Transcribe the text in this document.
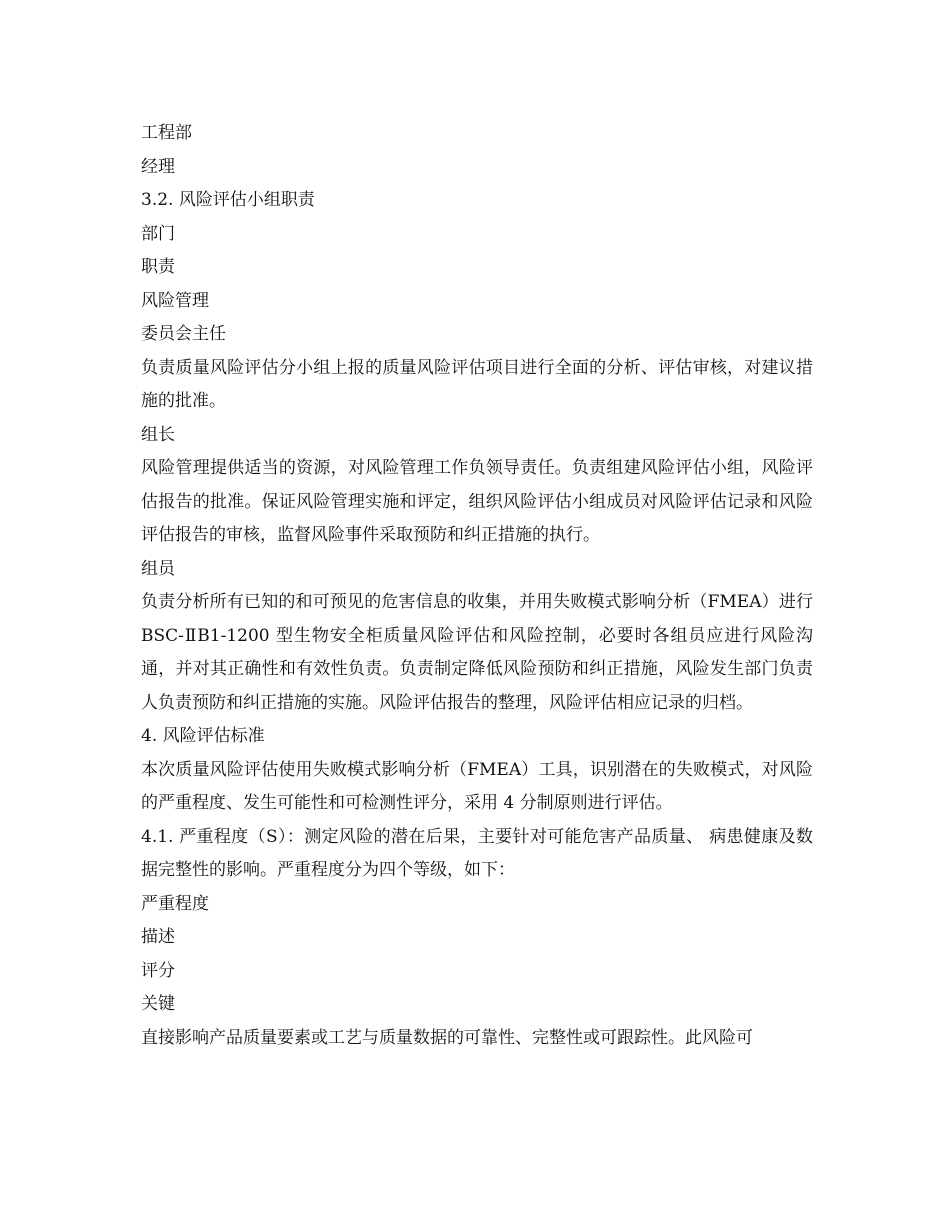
工程部

经理

3.2. 风险评估小组职责

部门

职责

风险管理

委员会主任

负责质量风险评估分小组上报的质量风险评估项目进行全面的分析、评估审核，对建议措施的批准。

组长

风险管理提供适当的资源，对风险管理工作负领导责任。负责组建风险评估小组，风险评估报告的批准。保证风险管理实施和评定，组织风险评估小组成员对风险评估记录和风险评估报告的审核，监督风险事件采取预防和纠正措施的执行。

组员

负责分析所有已知的和可预见的危害信息的收集，并用失败模式影响分析（FMEA）进行 BSC-ⅡB1-1200 型生物安全柜质量风险评估和风险控制，必要时各组员应进行风险沟通，并对其正确性和有效性负责。负责制定降低风险预防和纠正措施，风险发生部门负责人负责预防和纠正措施的实施。风险评估报告的整理，风险评估相应记录的归档。

4. 风险评估标准

本次质量风险评估使用失败模式影响分析（FMEA）工具，识别潜在的失败模式，对风险的严重程度、发生可能性和可检测性评分，采用 4 分制原则进行评估。

4.1. 严重程度（S）：测定风险的潜在后果，主要针对可能危害产品质量、 病患健康及数据完整性的影响。严重程度分为四个等级，如下：

严重程度

描述

评分

关键

直接影响产品质量要素或工艺与质量数据的可靠性、完整性或可跟踪性。此风险可
